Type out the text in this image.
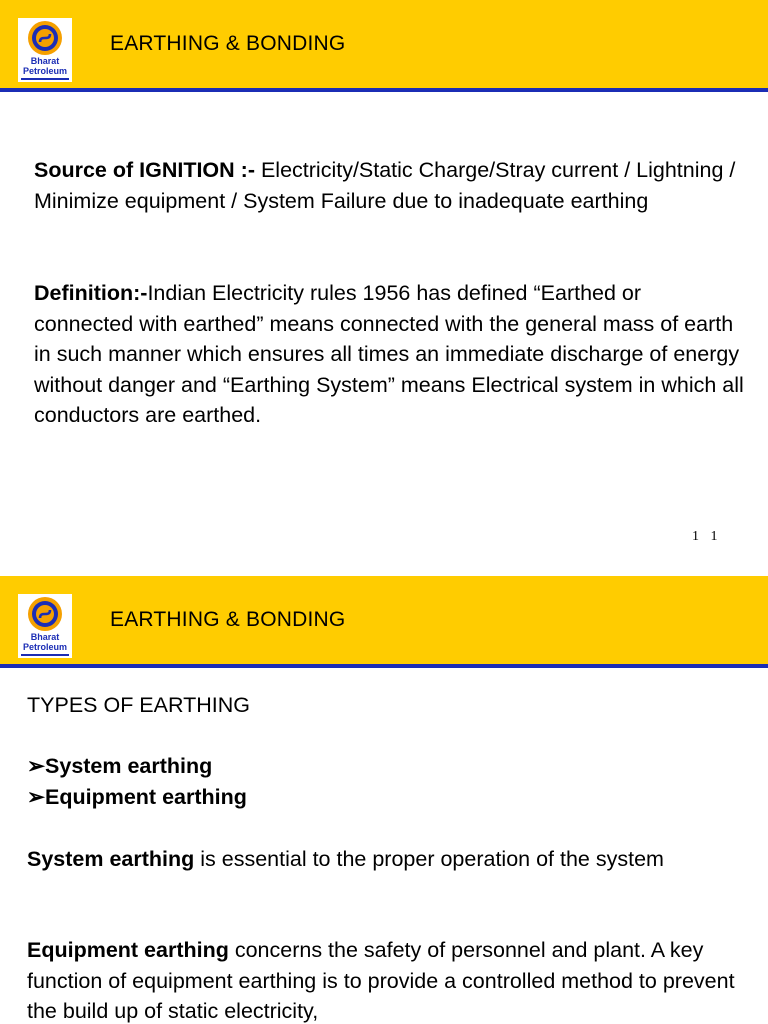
Bharat
Petroleum
EARTHING & BONDING

Source of IGNITION :- Electricity/Static Charge/Stray current / Lightning / Minimize equipment / System Failure due to inadequate earthing

Definition:-Indian Electricity rules 1956 has defined “Earthed or connected with earthed” means connected with the general mass of earth in such manner which ensures all times an immediate discharge of energy without danger and “Earthing System” means Electrical system in which all conductors are earthed.

1 1
Bharat
Petroleum
EARTHING & BONDING
TYPES OF EARTHING

➢System earthing

➢Equipment earthing

System earthing is essential to the proper operation of the system

Equipment earthing concerns the safety of personnel and plant. A key function of equipment earthing is to provide a controlled method to prevent the build up of static electricity,
